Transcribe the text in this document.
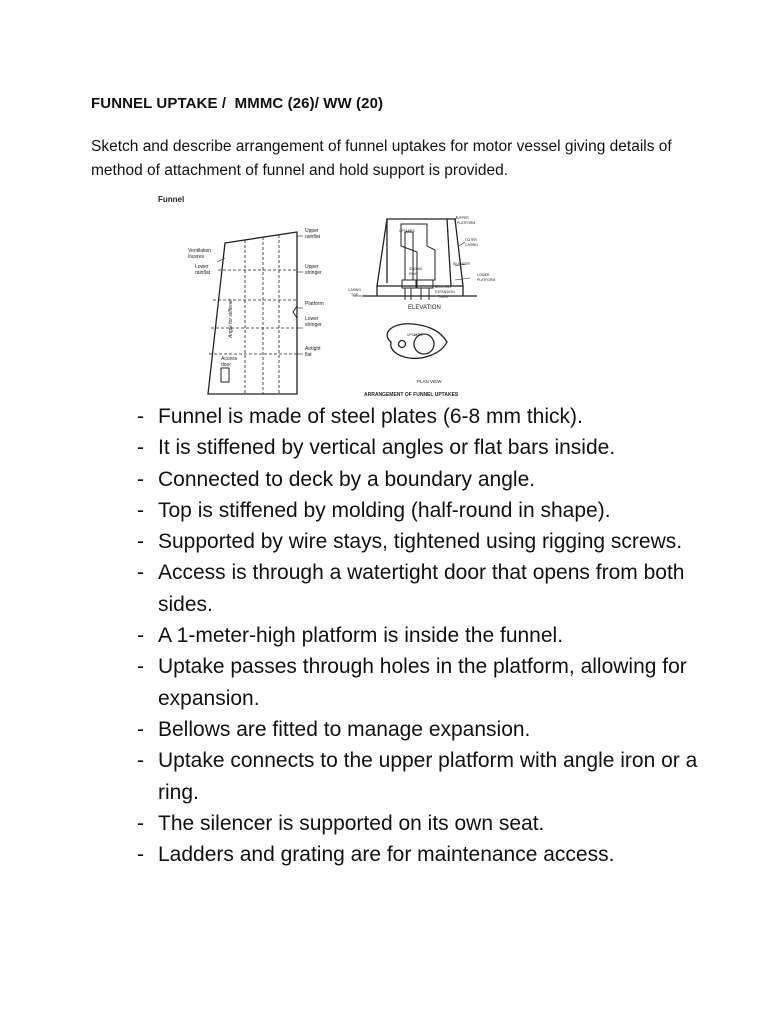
FUNNEL UPTAKE /  MMMC (26)/ WW (20)
Sketch and describe arrangement of funnel uptakes for motor vessel giving details of method of attachment of funnel and hold support is provided.
Funnel
Upper
rainflat
Ventilation
louvres
Lower
rainflat
Upper
stringer
Platform
Lower
stringer
Airtight
flat
Access
door
Angle for stiffener
UPPER
PLATFORM
UPTAKES
OUTER
CASING
SILENCER
LOWER
PLATFORM
SLIDING
RING
BELLOWS
EXPANSION
JOINT
CASING
TOP
UPTAKES
ELEVATION
PLAN VIEW
ARRANGEMENT OF FUNNEL UPTAKES
- Funnel is made of steel plates (6-8 mm thick).
- It is stiffened by vertical angles or flat bars inside.
- Connected to deck by a boundary angle.
- Top is stiffened by molding (half-round in shape).
- Supported by wire stays, tightened using rigging screws.
- Access is through a watertight door that opens from both sides.
- A 1-meter-high platform is inside the funnel.
- Uptake passes through holes in the platform, allowing for expansion.
- Bellows are fitted to manage expansion.
- Uptake connects to the upper platform with angle iron or a ring.
- The silencer is supported on its own seat.
- Ladders and grating are for maintenance access.
